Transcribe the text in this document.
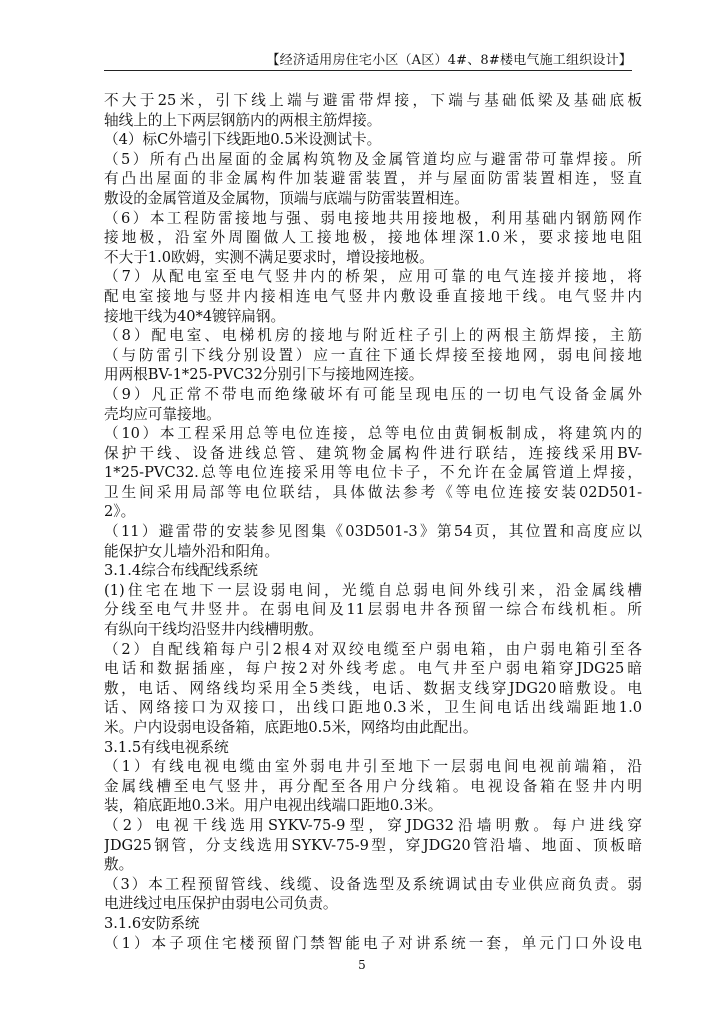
【经济适用房住宅小区（A区）4#、8#楼电气施工组织设计】
不大于25米，引下线上端与避雷带焊接，下端与基础低梁及基础底板
轴线上的上下两层钢筋内的两根主筋焊接。
（4）标C外墙引下线距地0.5米设测试卡。
（5）所有凸出屋面的金属构筑物及金属管道均应与避雷带可靠焊接。所
有凸出屋面的非金属构件加装避雷装置，并与屋面防雷装置相连，竖直
敷设的金属管道及金属物，顶端与底端与防雷装置相连。
（6）本工程防雷接地与强、弱电接地共用接地极，利用基础内钢筋网作
接地极，沿室外周圈做人工接地极，接地体埋深1.0米，要求接地电阻
不大于1.0欧姆，实测不满足要求时，增设接地极。
（7）从配电室至电气竖井内的桥架，应用可靠的电气连接并接地，将
配电室接地与竖井内接相连电气竖井内敷设垂直接地干线。电气竖井内
接地干线为40*4镀锌扁钢。
（8）配电室、电梯机房的接地与附近柱子引上的两根主筋焊接，主筋
（与防雷引下线分别设置）应一直往下通长焊接至接地网，弱电间接地
用两根BV-1*25-PVC32分别引下与接地网连接。
（9）凡正常不带电而绝缘破坏有可能呈现电压的一切电气设备金属外
壳均应可靠接地。
（10）本工程采用总等电位连接，总等电位由黄铜板制成，将建筑内的
保护干线、设备进线总管、建筑物金属构件进行联结，连接线采用BV-
1*25-PVC32.总等电位连接采用等电位卡子，不允许在金属管道上焊接，
卫生间采用局部等电位联结，具体做法参考《等电位连接安装02D501-
2》。
（11）避雷带的安装参见图集《03D501-3》第54页，其位置和高度应以
能保护女儿墙外沿和阳角。
3.1.4综合布线配线系统
(1)住宅在地下一层设弱电间，光缆自总弱电间外线引来，沿金属线槽
分线至电气井竖井。在弱电间及11层弱电井各预留一综合布线机柜。所
有纵向干线均沿竖井内线槽明敷。
（2）自配线箱每户引2根4对双绞电缆至户弱电箱，由户弱电箱引至各
电话和数据插座，每户按2对外线考虑。电气井至户弱电箱穿JDG25暗
敷，电话、网络线均采用全5类线，电话、数据支线穿JDG20暗敷设。电
话、网络接口为双接口，出线口距地0.3米，卫生间电话出线端距地1.0
米。户内设弱电设备箱，底距地0.5米，网络均由此配出。
3.1.5有线电视系统
（1）有线电视电缆由室外弱电井引至地下一层弱电间电视前端箱，沿
金属线槽至电气竖井，再分配至各用户分线箱。电视设备箱在竖井内明
装，箱底距地0.3米。用户电视出线端口距地0.3米。
（2）电视干线选用SYKV-75-9型，穿JDG32沿墙明敷。每户进线穿
JDG25钢管，分支线选用SYKV-75-9型，穿JDG20管沿墙、地面、顶板暗
敷。
（3）本工程预留管线、线缆、设备选型及系统调试由专业供应商负责。弱
电进线过电压保护由弱电公司负责。
3.1.6安防系统
（1）本子项住宅楼预留门禁智能电子对讲系统一套，单元门口外设电
5
